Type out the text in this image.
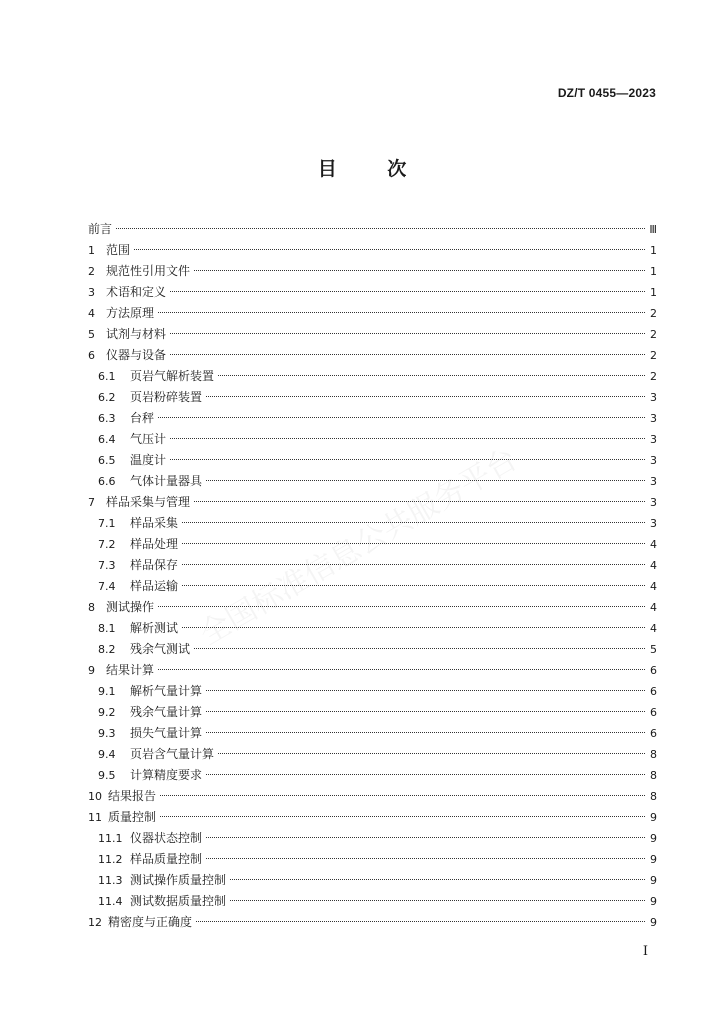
DZ/T 0455—2023
目 次
前言	Ⅲ
1 范围	1
2 规范性引用文件	1
3 术语和定义	1
4 方法原理	2
5 试剂与材料	2
6 仪器与设备	2
6.1	页岩气解析装置	2
6.2	页岩粉碎装置	3
6.3	台秤	3
6.4	气压计	3
6.5	温度计	3
6.6	气体计量器具	3
7 样品采集与管理	3
7.1	样品采集	3
7.2	样品处理	4
7.3	样品保存	4
7.4	样品运输	4
8 测试操作	4
8.1	解析测试	4
8.2	残余气测试	5
9 结果计算	6
9.1	解析气量计算	6
9.2	残余气量计算	6
9.3	损失气量计算	6
9.4	页岩含气量计算	8
9.5	计算精度要求	8
10 结果报告	8
11 质量控制	9
11.1 仪器状态控制	9
11.2 样品质量控制	9
11.3 测试操作质量控制	9
11.4 测试数据质量控制	9
12 精密度与正确度	9
全国标准信息公共服务平台
I
